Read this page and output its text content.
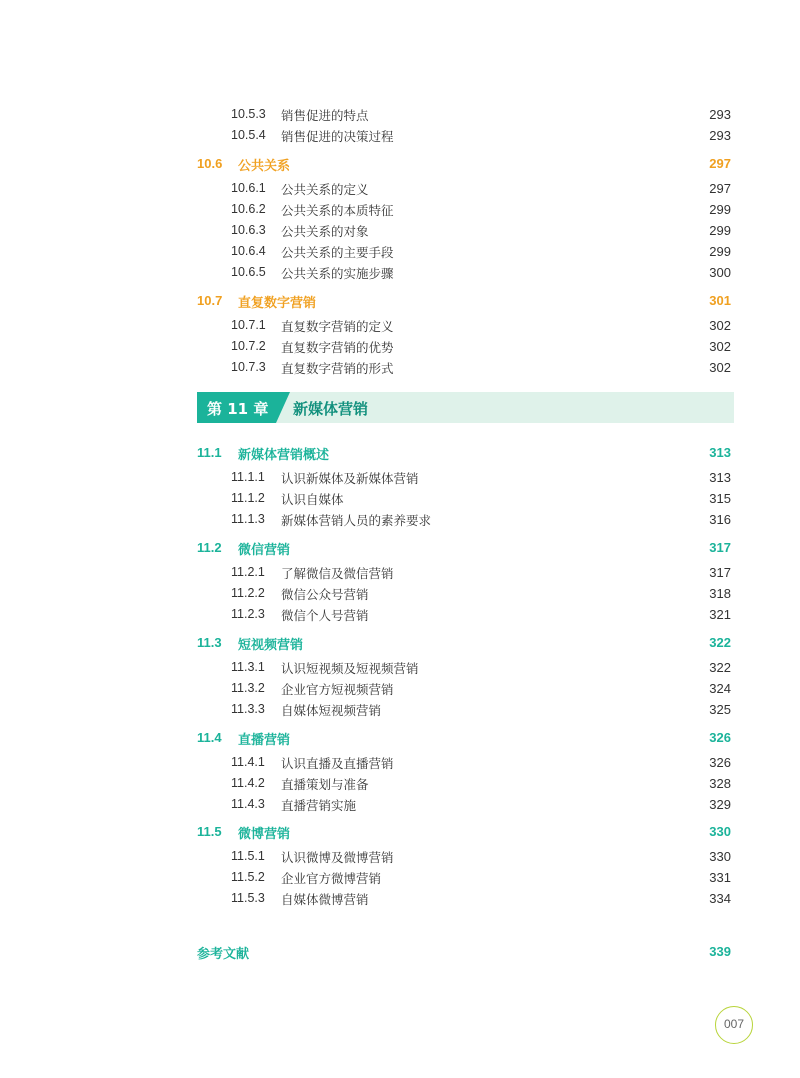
10.5.3 销售促进的特点	293
10.5.4 销售促进的决策过程	293
10.6 公共关系	297
10.6.1 公共关系的定义	297
10.6.2 公共关系的本质特征	299
10.6.3 公共关系的对象	299
10.6.4 公共关系的主要手段	299
10.6.5 公共关系的实施步骤	300
10.7 直复数字营销	301
10.7.1 直复数字营销的定义	302
10.7.2 直复数字营销的优势	302
10.7.3 直复数字营销的形式	302
第 11 章 新媒体营销
11.1 新媒体营销概述	313
11.1.1 认识新媒体及新媒体营销	313
11.1.2 认识自媒体	315
11.1.3 新媒体营销人员的素养要求	316
11.2 微信营销	317
11.2.1 了解微信及微信营销	317
11.2.2 微信公众号营销	318
11.2.3 微信个人号营销	321
11.3 短视频营销	322
11.3.1 认识短视频及短视频营销	322
11.3.2 企业官方短视频营销	324
11.3.3 自媒体短视频营销	325
11.4 直播营销	326
11.4.1 认识直播及直播营销	326
11.4.2 直播策划与准备	328
11.4.3 直播营销实施	329
11.5 微博营销	330
11.5.1 认识微博及微博营销	330
11.5.2 企业官方微博营销	331
11.5.3 自媒体微博营销	334
参考文献	339
007
